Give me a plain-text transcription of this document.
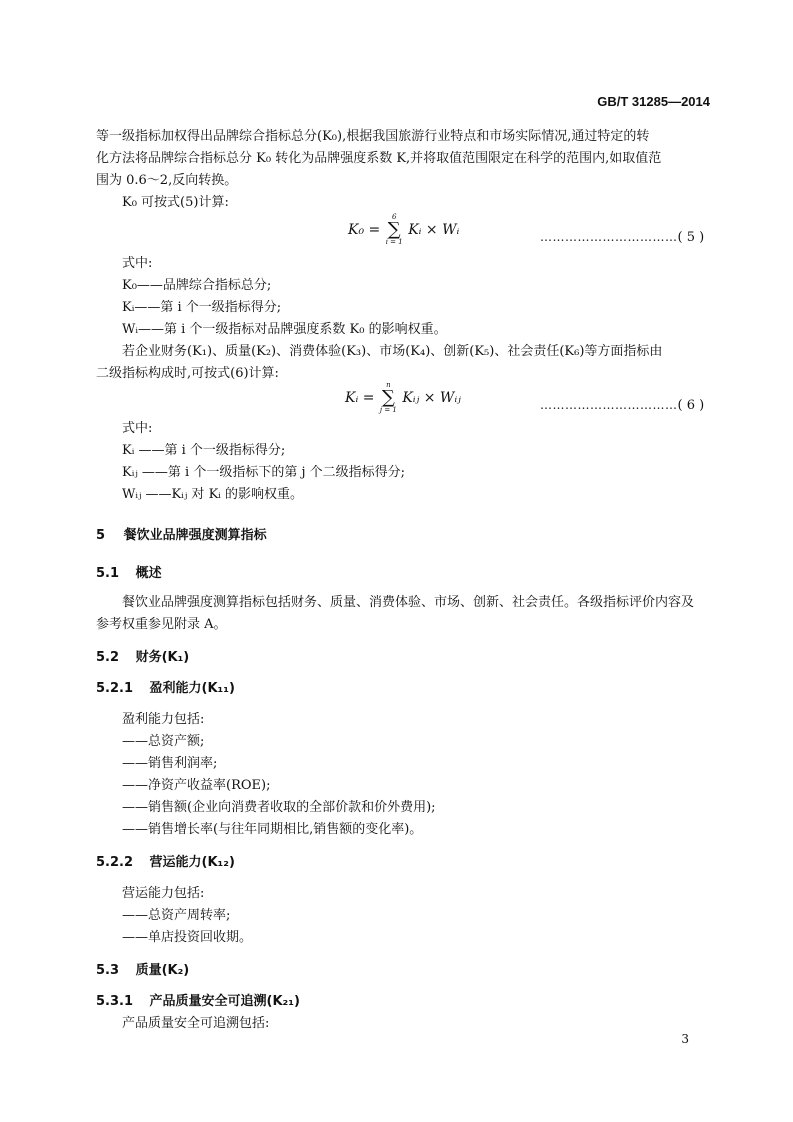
GB/T 31285—2014
等一级指标加权得出品牌综合指标总分(K₀),根据我国旅游行业特点和市场实际情况,通过特定的转
化方法将品牌综合指标总分 K₀ 转化为品牌强度系数 K,并将取值范围限定在科学的范围内,如取值范
围为 0.6～2,反向转换。
K₀ 可按式(5)计算:
K₀ =
6
∑
i = 1
Kᵢ × Wᵢ	……………………………( 5 )
式中:
K₀——品牌综合指标总分;
Kᵢ——第 i 个一级指标得分;
Wᵢ——第 i 个一级指标对品牌强度系数 K₀ 的影响权重。
若企业财务(K₁)、质量(K₂)、消费体验(K₃)、市场(K₄)、创新(K₅)、社会责任(K₆)等方面指标由
二级指标构成时,可按式(6)计算:
Kᵢ =
n
∑
j = 1
Kᵢⱼ × Wᵢⱼ	……………………………( 6 )
式中:
Kᵢ ——第 i 个一级指标得分;
Kᵢⱼ ——第 i 个一级指标下的第 j 个二级指标得分;
Wᵢⱼ ——Kᵢⱼ 对 Kᵢ 的影响权重。
5 餐饮业品牌强度测算指标
5.1 概述
餐饮业品牌强度测算指标包括财务、质量、消费体验、市场、创新、社会责任。各级指标评价内容及
参考权重参见附录 A。
5.2 财务(K₁)
5.2.1 盈利能力(K₁₁)
盈利能力包括:
——总资产额;
——销售利润率;
——净资产收益率(ROE);
——销售额(企业向消费者收取的全部价款和价外费用);
——销售增长率(与往年同期相比,销售额的变化率)。
5.2.2 营运能力(K₁₂)
营运能力包括:
——总资产周转率;
——单店投资回收期。
5.3 质量(K₂)
5.3.1 产品质量安全可追溯(K₂₁)
产品质量安全可追溯包括:
3
